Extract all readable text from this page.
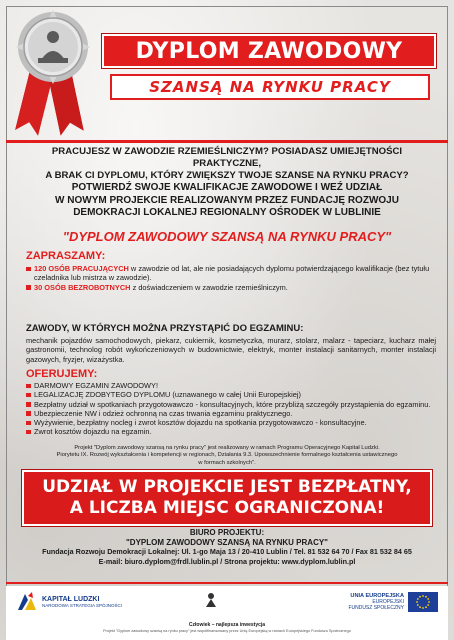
DYPLOM ZAWODOWY
SZANSĄ NA RYNKU PRACY
PRACUJESZ W ZAWODZIE RZEMIEŚLNICZYM? POSIADASZ UMIEJĘTNOŚCI PRAKTYCZNE,
A BRAK CI DYPLOMU, KTÓRY ZWIĘKSZY TWOJE SZANSE NA RYNKU PRACY?
POTWIERDŹ SWOJE KWALIFIKACJE ZAWODOWE I WEŹ UDZIAŁ
W NOWYM PROJEKCIE REALIZOWANYM PRZEZ FUNDACJĘ ROZWOJU
DEMOKRACJI LOKALNEJ REGIONALNY OŚRODEK W LUBLINIE
"DYPLOM ZAWODOWY SZANSĄ NA RYNKU PRACY"
ZAPRASZAMY:
120 OSÓB PRACUJĄCYCH w zawodzie od lat, ale nie posiadających dyplomu potwierdzającego kwalifikacje (bez tytułu czeladnika lub mistrza w zawodzie).
30 OSÓB BEZROBOTNYCH z doświadczeniem w zawodzie rzemieślniczym.
ZAWODY, W KTÓRYCH MOŻNA PRZYSTĄPIĆ DO EGZAMINU:
mechanik pojazdów samochodowych, piekarz, cukiernik, kosmetyczka, murarz, stolarz, malarz - tapeciarz, kucharz małej gastronomii, technolog robót wykończeniowych w budownictwie, elektryk, monter instalacji sanitarnych, monter instalacji gazowych, fryzjer, wizażystka.
OFERUJEMY:
DARMOWY EGZAMIN ZAWODOWY!
LEGALIZACJĘ ZDOBYTEGO DYPLOMU (uznawanego w całej Unii Europejskiej)
Bezpłatny udział w spotkaniach przygotowawczo - konsultacyjnych, które przybliżą szczegóły przystąpienia do egzaminu.
Ubezpieczenie NW i odzież ochronną na czas trwania egzaminu praktycznego.
Wyżywienie, bezpłatny nocleg i zwrot kosztów dojazdu na spotkania przygotowawczo - konsultacyjne.
Zwrot kosztów dojazdu na egzamin.
Projekt "Dyplom zawodowy szansą na rynku pracy" jest realizowany w ramach Programu Operacyjnego Kapitał Ludzki.
Piorytetu IX. Rozwój wykształcenia i kompetencji w regionach, Działania 9.3. Upowszechnienie formalnego kształcenia ustawicznego
w formach szkolnych".
UDZIAŁ W PROJEKCIE JEST BEZPŁATNY,
A LICZBA MIEJSC OGRANICZONA!
BIURO PROJEKTU:
"DYPLOM ZAWODOWY SZANSĄ NA RYNKU PRACY"
Fundacja Rozwoju Demokracji Lokalnej: Ul. 1-go Maja 13 / 20-410 Lublin / Tel. 81 532 64 70 / Fax 81 532 84 65
E-mail: biuro.dyplom@frdl.lublin.pl / Strona projektu: www.dyplom.lublin.pl
KAPITAŁ LUDZKI
NARODOWA STRATEGIA SPÓJNOŚCI
UNIA EUROPEJSKA
EUROPEJSKI
FUNDUSZ SPOŁECZNY
Człowiek – najlepsza inwestycja
Projekt "Dyplom zawodowy szansą na rynku pracy" jest współfinansowany przez Unię Europejską w ramach Europejskiego Funduszu Społecznego
